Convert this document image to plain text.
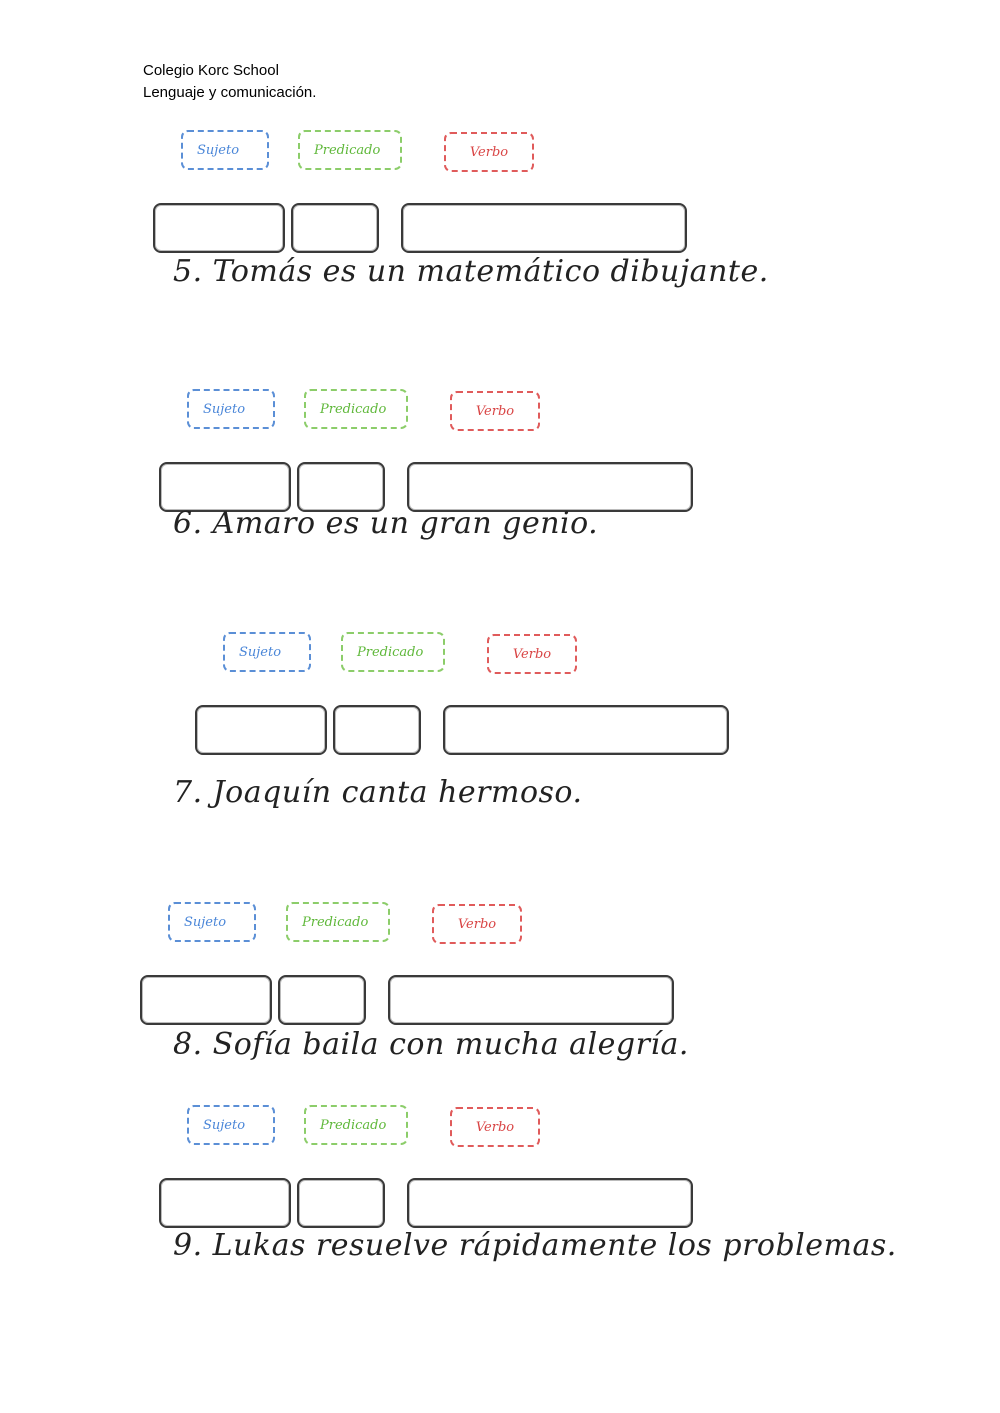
Colegio Korc School
Lenguaje y comunicación.
Sujeto	Predicado	Verbo
5. Tomás es un matemático dibujante.
Sujeto	Predicado	Verbo
6. Amaro es un gran genio.
Sujeto	Predicado	Verbo
7. Joaquín canta hermoso.
Sujeto	Predicado	Verbo
8. Sofía baila con mucha alegría.
Sujeto	Predicado	Verbo
9. Lukas resuelve rápidamente los problemas.
